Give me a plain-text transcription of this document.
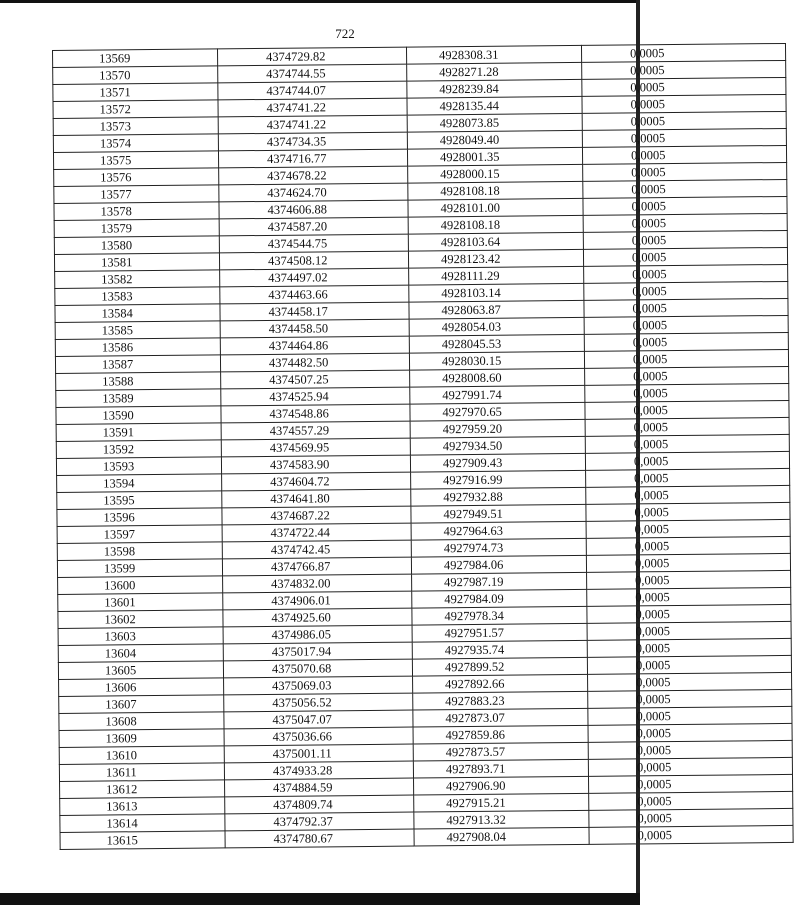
722
13569	4374729.82	4928308.31	0,0005
13570	4374744.55	4928271.28	0,0005
13571	4374744.07	4928239.84	0,0005
13572	4374741.22	4928135.44	0,0005
13573	4374741.22	4928073.85	0,0005
13574	4374734.35	4928049.40	0,0005
13575	4374716.77	4928001.35	0,0005
13576	4374678.22	4928000.15	0,0005
13577	4374624.70	4928108.18	0,0005
13578	4374606.88	4928101.00	0,0005
13579	4374587.20	4928108.18	0,0005
13580	4374544.75	4928103.64	0,0005
13581	4374508.12	4928123.42	0,0005
13582	4374497.02	4928111.29	0,0005
13583	4374463.66	4928103.14	0,0005
13584	4374458.17	4928063.87	0,0005
13585	4374458.50	4928054.03	0,0005
13586	4374464.86	4928045.53	0,0005
13587	4374482.50	4928030.15	0,0005
13588	4374507.25	4928008.60	0,0005
13589	4374525.94	4927991.74	0,0005
13590	4374548.86	4927970.65	0,0005
13591	4374557.29	4927959.20	0,0005
13592	4374569.95	4927934.50	0,0005
13593	4374583.90	4927909.43	0,0005
13594	4374604.72	4927916.99	0,0005
13595	4374641.80	4927932.88	0,0005
13596	4374687.22	4927949.51	0,0005
13597	4374722.44	4927964.63	0,0005
13598	4374742.45	4927974.73	0,0005
13599	4374766.87	4927984.06	0,0005
13600	4374832.00	4927987.19	0,0005
13601	4374906.01	4927984.09	0,0005
13602	4374925.60	4927978.34	0,0005
13603	4374986.05	4927951.57	0,0005
13604	4375017.94	4927935.74	0,0005
13605	4375070.68	4927899.52	0,0005
13606	4375069.03	4927892.66	0,0005
13607	4375056.52	4927883.23	0,0005
13608	4375047.07	4927873.07	0,0005
13609	4375036.66	4927859.86	0,0005
13610	4375001.11	4927873.57	0,0005
13611	4374933.28	4927893.71	0,0005
13612	4374884.59	4927906.90	0,0005
13613	4374809.74	4927915.21	0,0005
13614	4374792.37	4927913.32	0,0005
13615	4374780.67	4927908.04	0,0005
